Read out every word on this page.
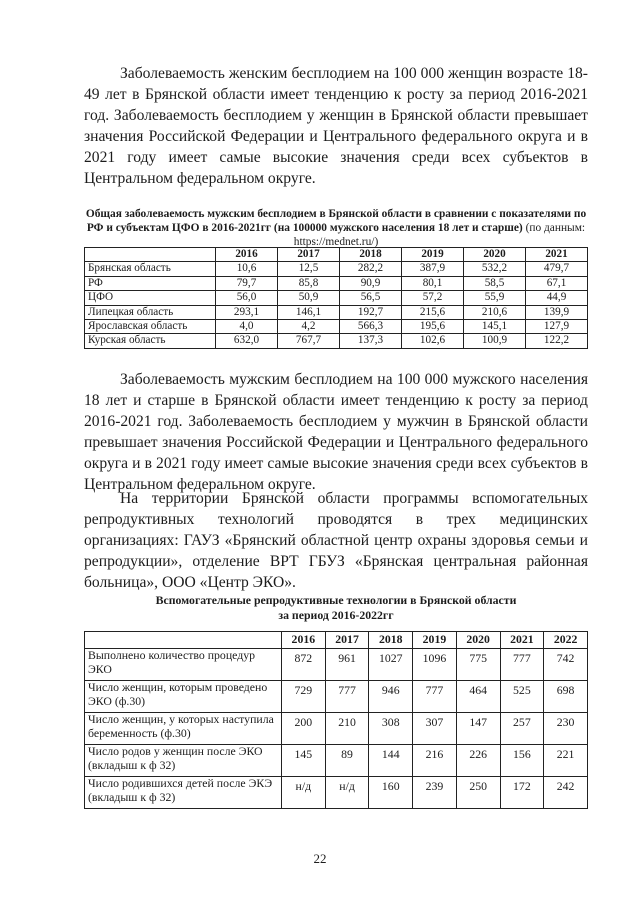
Заболеваемость женским бесплодием на 100 000 женщин возрасте 18-49 лет в Брянской области имеет тенденцию к росту за период 2016-2021 год. Заболеваемость бесплодием у женщин в Брянской области превышает значения Российской Федерации и Центрального федерального округа и в 2021 году имеет самые высокие значения среди всех субъектов в Центральном федеральном округе.

Общая заболеваемость мужским бесплодием в Брянской области в сравнении с показателями по РФ и субъектам ЦФО в 2016-2021гг (на 100000 мужского населения 18 лет и старше) (по данным: https://mednet.ru/)

	2016	2017	2018	2019	2020	2021
Брянская область	10,6	12,5	282,2	387,9	532,2	479,7
РФ	79,7	85,8	90,9	80,1	58,5	67,1
ЦФО	56,0	50,9	56,5	57,2	55,9	44,9
Липецкая область	293,1	146,1	192,7	215,6	210,6	139,9
Ярославская область	4,0	4,2	566,3	195,6	145,1	127,9
Курская область	632,0	767,7	137,3	102,6	100,9	122,2

Заболеваемость мужским бесплодием на 100 000 мужского населения 18 лет и старше в Брянской области имеет тенденцию к росту за период 2016-2021 год. Заболеваемость бесплодием у мужчин в Брянской области превышает значения Российской Федерации и Центрального федерального округа и в 2021 году имеет самые высокие значения среди всех субъектов в Центральном федеральном округе.

На территории Брянской области программы вспомогательных репродуктивных технологий проводятся в трех медицинских организациях: ГАУЗ «Брянский областной центр охраны здоровья семьи и репродукции», отделение ВРТ ГБУЗ «Брянская центральная районная больница», ООО «Центр ЭКО».

Вспомогательные репродуктивные технологии в Брянской области
за период 2016-2022гг

	2016	2017	2018	2019	2020	2021	2022
Выполнено количество процедур ЭКО	872	961	1027	1096	775	777	742
Число женщин, которым проведено ЭКО (ф.30)	729	777	946	777	464	525	698
Число женщин, у которых наступила беременность (ф.30)	200	210	308	307	147	257	230
Число родов у женщин после ЭКО (вкладыш к ф 32)	145	89	144	216	226	156	221
Число родившихся детей после ЭКЭ (вкладыш к ф 32)	н/д	н/д	160	239	250	172	242
22
